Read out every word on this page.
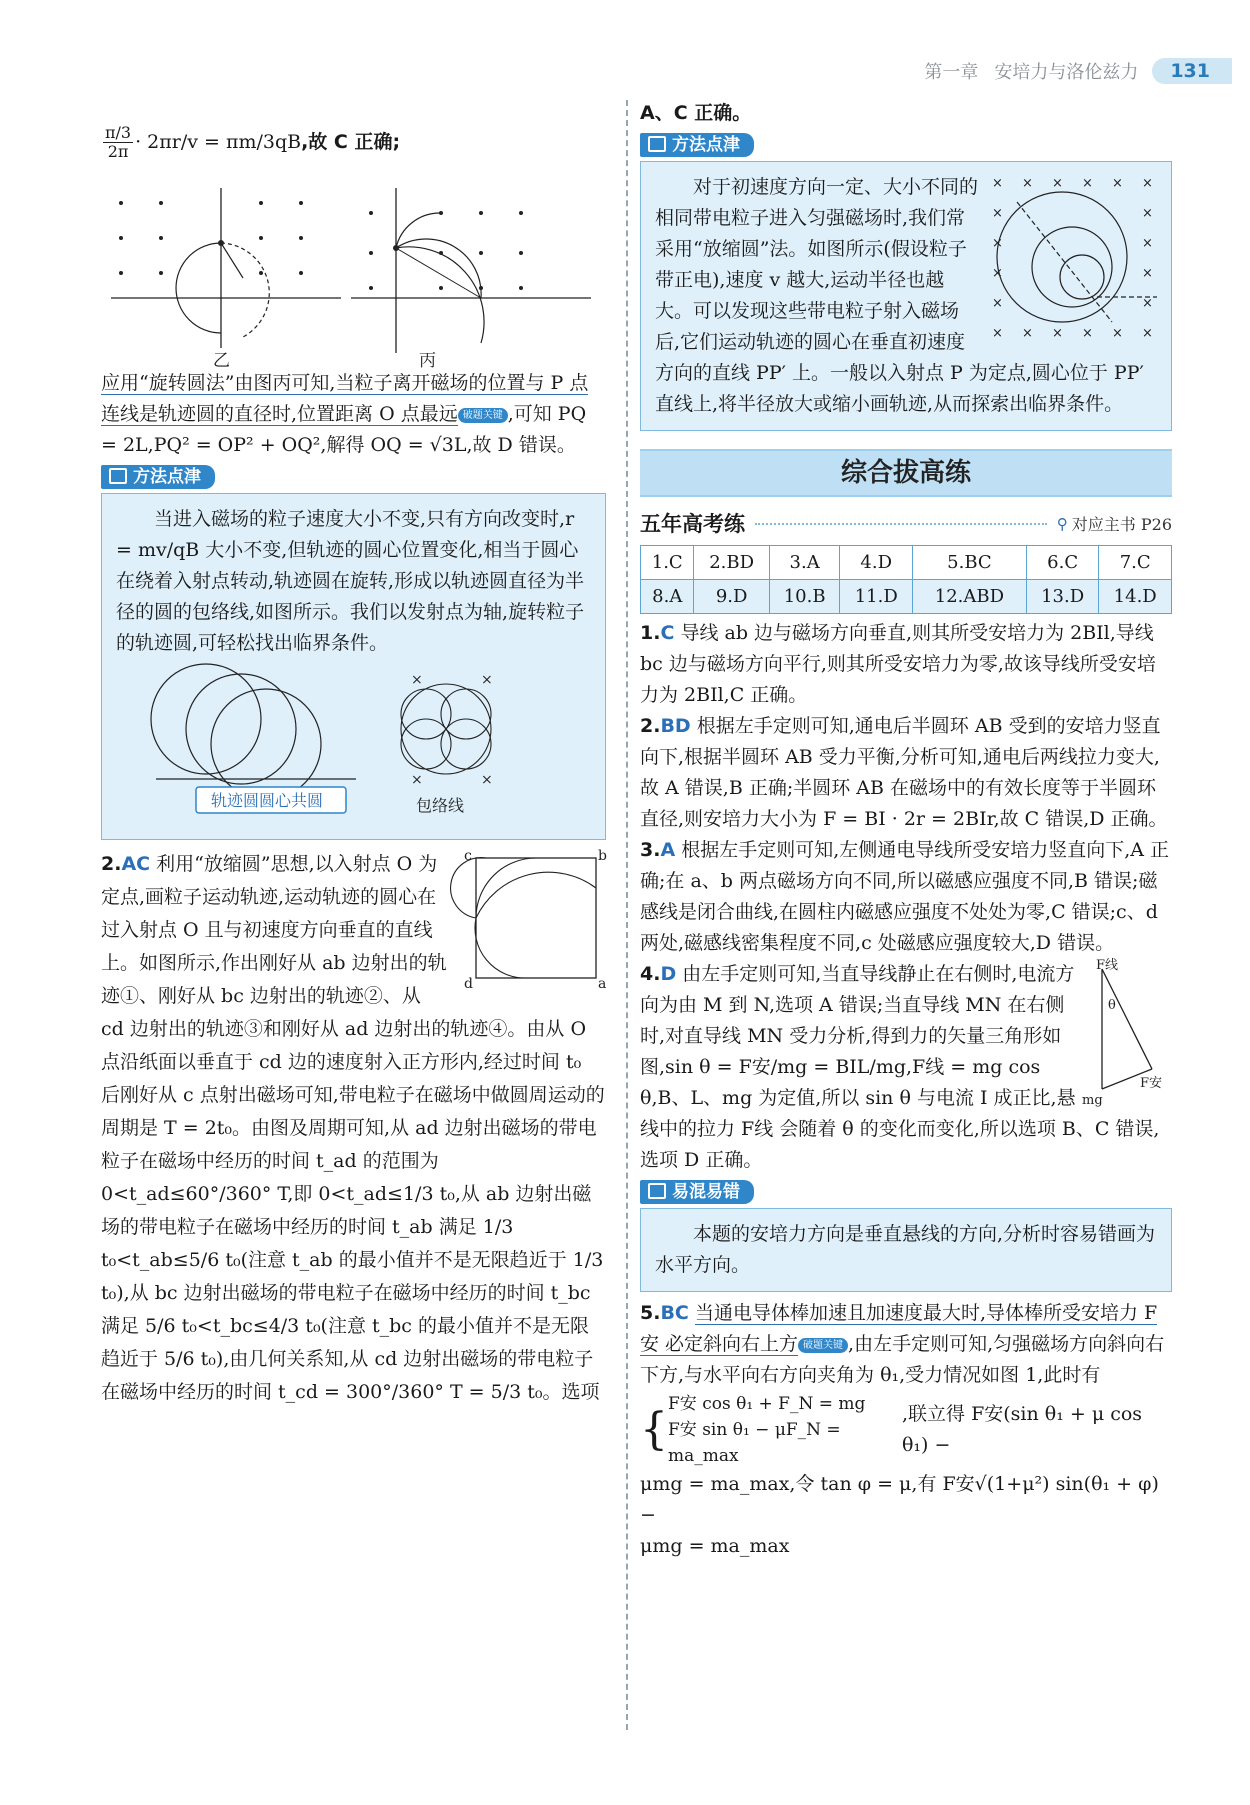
第一章 安培力与洛伦兹力	131

$\frac{\pi/3}{2\pi} \cdot 2\pi r/v = \pi m/3qB$ ,故 C 正确;

乙	丙

应用“旋转圆法”由图丙可知,当粒子离开磁场的位置与 P 点连线是轨迹圆的直径时,位置距离 O 点最远 破题关键 ,可知 PQ = 2L,PQ² = OP² + OQ²,解得 OQ = √3L,故 D 错误。

方法点津

当进入磁场的粒子速度大小不变,只有方向改变时,r = mv/qB 大小不变,但轨迹的圆心位置变化,相当于圆心在绕着入射点转动,轨迹圆在旋转,形成以轨迹圆直径为半径的圆的包络线,如图所示。我们以发射点为轴,旋转粒子的轨迹圆,可轻松找出临界条件。

×	×
×	×
轨迹圆圆心共圆	包络线
d	a
c	b

2.AC 利用“放缩圆”思想,以入射点 O 为定点,画粒子运动轨迹,运动轨迹的圆心在过入射点 O 且与初速度方向垂直的直线上。如图所示,作出刚好从 ab 边射出的轨迹①、刚好从 bc 边射出的轨迹②、从 cd 边射出的轨迹③和刚好从 ad 边射出的轨迹④。由从 O 点沿纸面以垂直于 cd 边的速度射入正方形内,经过时间 t₀ 后刚好从 c 点射出磁场可知,带电粒子在磁场中做圆周运动的周期是 T = 2t₀。由图及周期可知,从 ad 边射出磁场的带电粒子在磁场中经历的时间 t_ad 的范围为 0<t_ad≤60°/360° T,即 0<t_ad≤1/3 t₀,从 ab 边射出磁场的带电粒子在磁场中经历的时间 t_ab 满足 1/3 t₀<t_ab≤5/6 t₀(注意 t_ab 的最小值并不是无限趋近于 1/3 t₀),从 bc 边射出磁场的带电粒子在磁场中经历的时间 t_bc 满足 5/6 t₀<t_bc≤4/3 t₀(注意 t_bc 的最小值并不是无限趋近于 5/6 t₀),由几何关系知,从 cd 边射出磁场的带电粒子在磁场中经历的时间 t_cd = 300°/360° T = 5/3 t₀。选项

A、C 正确。

方法点津
× × × × × ×
×	×
×	×
×	×
×	×
× × × × × ×

对于初速度方向一定、大小不同的相同带电粒子进入匀强磁场时,我们常采用“放缩圆”法。如图所示(假设粒子带正电),速度 v 越大,运动半径也越大。可以发现这些带电粒子射入磁场后,它们运动轨迹的圆心在垂直初速度方向的直线 PP′ 上。一般以入射点 P 为定点,圆心位于 PP′ 直线上,将半径放大或缩小画轨迹,从而探索出临界条件。

综合拔高练
五年高考练	⚲ 对应主书 P26
1.C	2.BD	3.A	4.D	5.BC	6.C	7.C
8.A	9.D	10.B	11.D	12.ABD	13.D	14.D

1.C 导线 ab 边与磁场方向垂直,则其所受安培力为 2BIl,导线 bc 边与磁场方向平行,则其所受安培力为零,故该导线所受安培力为 2BIl,C 正确。

2.BD 根据左手定则可知,通电后半圆环 AB 受到的安培力竖直向下,根据半圆环 AB 受力平衡,分析可知,通电后两线拉力变大,故 A 错误,B 正确;半圆环 AB 在磁场中的有效长度等于半圆环直径,则安培力大小为 F = BI · 2r = 2BIr,故 C 错误,D 正确。

3.A 根据左手定则可知,左侧通电导线所受安培力竖直向下,A 正确;在 a、b 两点磁场方向不同,所以磁感应强度不同,B 错误;磁感线是闭合曲线,在圆柱内磁感应强度不处处为零,C 错误;c、d 两处,磁感线密集程度不同,c 处磁感应强度较大,D 错误。

F线
θ
F安
mg

4.D 由左手定则可知,当直导线静止在右侧时,电流方向为由 M 到 N,选项 A 错误;当直导线 MN 在右侧时,对直导线 MN 受力分析,得到力的矢量三角形如图,sin θ = F安/mg = BIL/mg,F线 = mg cos θ,B、L、mg 为定值,所以 sin θ 与电流 I 成正比,悬线中的拉力 F线 会随着 θ 的变化而变化,所以选项 B、C 错误,选项 D 正确。

易混易错

本题的安培力方向是垂直悬线的方向,分析时容易错画为水平方向。

5.BC 当通电导体棒加速且加速度最大时,导体棒所受安培力 F安 必定斜向右上方 破题关键 ,由左手定则可知,匀强磁场方向斜向右下方,与水平向右方向夹角为 θ₁,受力情况如图 1,此时有

{ F安 cos θ₁ + F_N = mg
F安 sin θ₁ − μF_N = ma_max
,联立得 F安(sin θ₁ + μ cos θ₁) −

μmg = ma_max,令 tan φ = μ,有 F安√(1+μ²) sin(θ₁ + φ) −

μmg = ma_max
